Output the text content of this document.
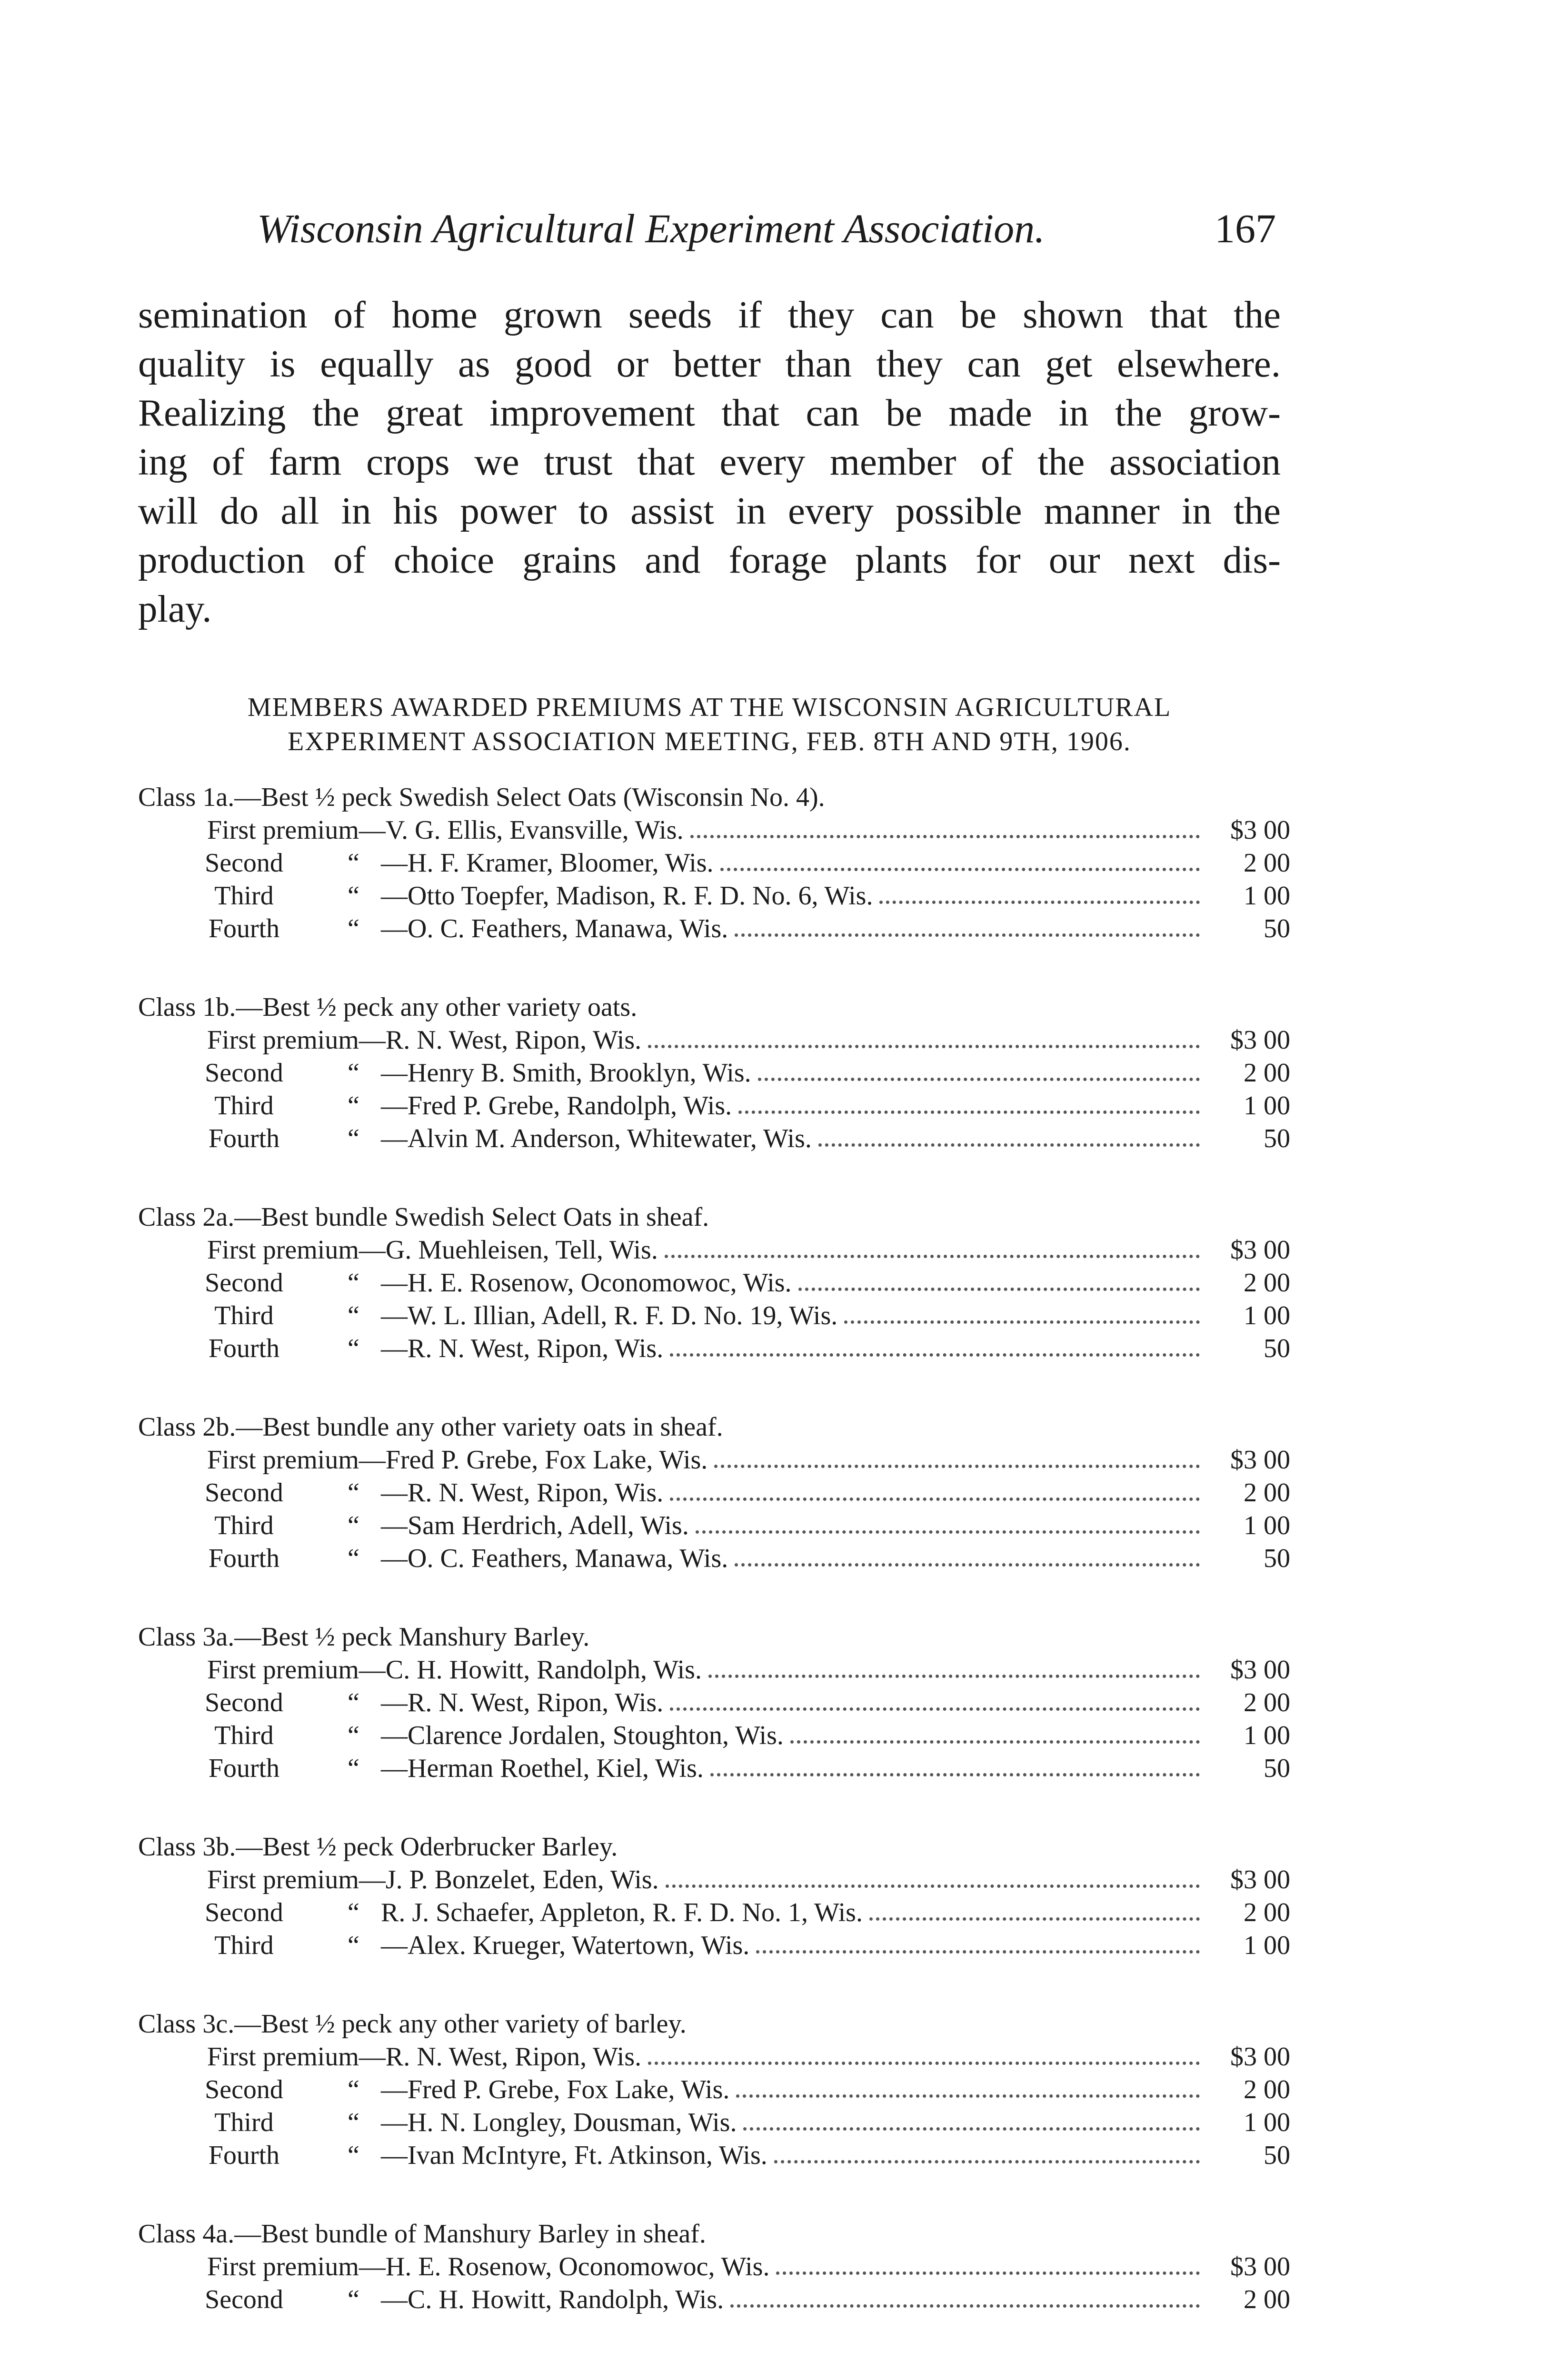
Wisconsin Agricultural Experiment Association.	167
semination of home grown seeds if they can be shown that the
quality is equally as good or better than they can get elsewhere.
Realizing the great improvement that can be made in the grow-
ing of farm crops we trust that every member of the association
will do all in his power to assist in every possible manner in the
production of choice grains and forage plants for our next dis-
play.
MEMBERS AWARDED PREMIUMS AT THE WISCONSIN AGRICULTURAL
EXPERIMENT ASSOCIATION MEETING, FEB. 8TH AND 9TH, 1906.
Class 1a.—Best ½ peck Swedish Select Oats (Wisconsin No. 4).
First premium—V. G. Ellis, Evansville, Wis.	$3 00
Second	“ —H. F. Kramer, Bloomer, Wis.	2 00
Third	“ —Otto Toepfer, Madison, R. F. D. No. 6, Wis.	1 00
Fourth	“ —O. C. Feathers, Manawa, Wis.	50
Class 1b.—Best ½ peck any other variety oats.
First premium—R. N. West, Ripon, Wis.	$3 00
Second	“ —Henry B. Smith, Brooklyn, Wis.	2 00
Third	“ —Fred P. Grebe, Randolph, Wis.	1 00
Fourth	“ —Alvin M. Anderson, Whitewater, Wis.	50
Class 2a.—Best bundle Swedish Select Oats in sheaf.
First premium—G. Muehleisen, Tell, Wis.	$3 00
Second	“ —H. E. Rosenow, Oconomowoc, Wis.	2 00
Third	“ —W. L. Illian, Adell, R. F. D. No. 19, Wis.	1 00
Fourth	“ —R. N. West, Ripon, Wis.	50
Class 2b.—Best bundle any other variety oats in sheaf.
First premium—Fred P. Grebe, Fox Lake, Wis.	$3 00
Second	“ —R. N. West, Ripon, Wis.	2 00
Third	“ —Sam Herdrich, Adell, Wis.	1 00
Fourth	“ —O. C. Feathers, Manawa, Wis.	50
Class 3a.—Best ½ peck Manshury Barley.
First premium—C. H. Howitt, Randolph, Wis.	$3 00
Second	“ —R. N. West, Ripon, Wis.	2 00
Third	“ —Clarence Jordalen, Stoughton, Wis.	1 00
Fourth	“ —Herman Roethel, Kiel, Wis.	50
Class 3b.—Best ½ peck Oderbrucker Barley.
First premium—J. P. Bonzelet, Eden, Wis.	$3 00
Second	“ R. J. Schaefer, Appleton, R. F. D. No. 1, Wis.	2 00
Third	“ —Alex. Krueger, Watertown, Wis.	1 00
Class 3c.—Best ½ peck any other variety of barley.
First premium—R. N. West, Ripon, Wis.	$3 00
Second	“ —Fred P. Grebe, Fox Lake, Wis.	2 00
Third	“ —H. N. Longley, Dousman, Wis.	1 00
Fourth	“ —Ivan McIntyre, Ft. Atkinson, Wis.	50
Class 4a.—Best bundle of Manshury Barley in sheaf.
First premium—H. E. Rosenow, Oconomowoc, Wis.	$3 00
Second	“ —C. H. Howitt, Randolph, Wis.	2 00
